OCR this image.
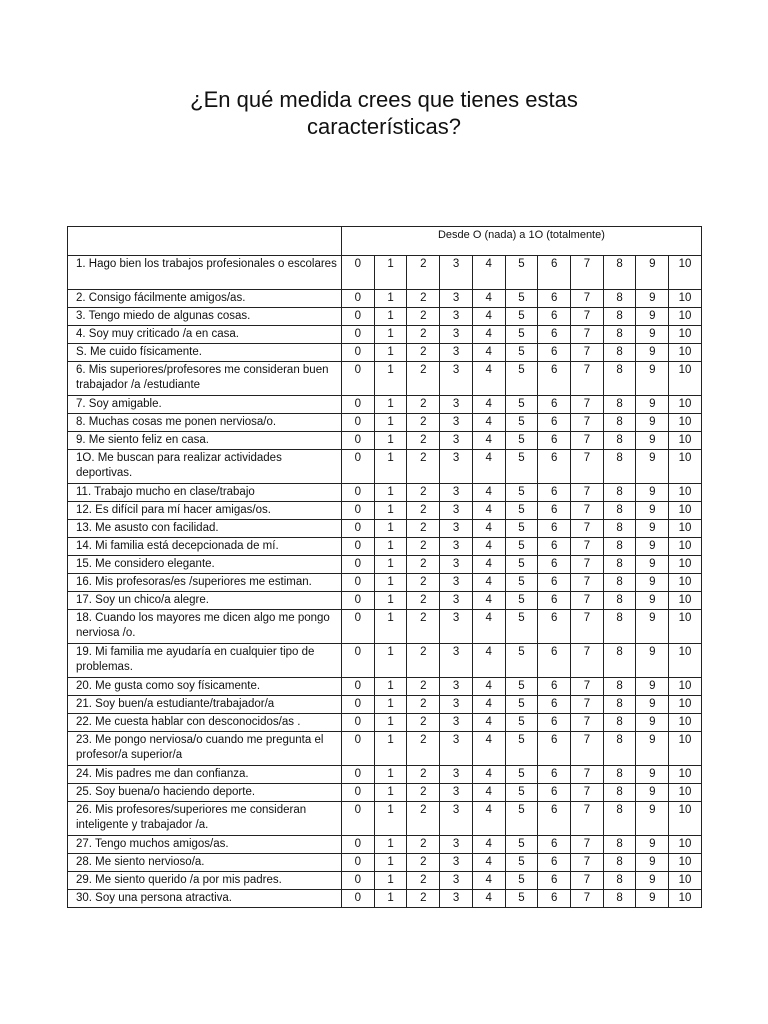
¿En qué medida crees que tienes estas
características?
	Desde O (nada) a 1O (totalmente)										
1. Hago bien los trabajos profesionales o escolares	0	1	2	3	4	5	6	7	8	9	10
2. Consigo fácilmente amigos/as.	0	1	2	3	4	5	6	7	8	9	10
3. Tengo miedo de algunas cosas.	0	1	2	3	4	5	6	7	8	9	10
4. Soy muy criticado /a en casa.	0	1	2	3	4	5	6	7	8	9	10
S. Me cuido físicamente.	0	1	2	3	4	5	6	7	8	9	10
6. Mis superiores/profesores me consideran buen trabajador /a /estudiante	0	1	2	3	4	5	6	7	8	9	10
7. Soy amigable.	0	1	2	3	4	5	6	7	8	9	10
8. Muchas cosas me ponen nerviosa/o.	0	1	2	3	4	5	6	7	8	9	10
9. Me siento feliz en casa.	0	1	2	3	4	5	6	7	8	9	10
1O. Me buscan para realizar actividades deportivas.	0	1	2	3	4	5	6	7	8	9	10
11. Trabajo mucho en clase/trabajo	0	1	2	3	4	5	6	7	8	9	10
12. Es difícil para mí hacer amigas/os.	0	1	2	3	4	5	6	7	8	9	10
13. Me asusto con facilidad.	0	1	2	3	4	5	6	7	8	9	10
14. Mi familia está decepcionada de mí.	0	1	2	3	4	5	6	7	8	9	10
15. Me considero elegante.	0	1	2	3	4	5	6	7	8	9	10
16. Mis profesoras/es /superiores me estiman.	0	1	2	3	4	5	6	7	8	9	10
17. Soy un chico/a alegre.	0	1	2	3	4	5	6	7	8	9	10
18. Cuando los mayores me dicen algo me pongo nerviosa /o.	0	1	2	3	4	5	6	7	8	9	10
19. Mi familia me ayudaría en cualquier tipo de problemas.	0	1	2	3	4	5	6	7	8	9	10
20. Me gusta como soy físicamente.	0	1	2	3	4	5	6	7	8	9	10
21. Soy buen/a estudiante/trabajador/a	0	1	2	3	4	5	6	7	8	9	10
22. Me cuesta hablar con desconocidos/as .	0	1	2	3	4	5	6	7	8	9	10
23. Me pongo nerviosa/o cuando me pregunta el profesor/a superior/a	0	1	2	3	4	5	6	7	8	9	10
24. Mis padres me dan confianza.	0	1	2	3	4	5	6	7	8	9	10
25. Soy buena/o haciendo deporte.	0	1	2	3	4	5	6	7	8	9	10
26. Mis profesores/superiores me consideran inteligente y trabajador /a.	0	1	2	3	4	5	6	7	8	9	10
27. Tengo muchos amigos/as.	0	1	2	3	4	5	6	7	8	9	10
28. Me siento nervioso/a.	0	1	2	3	4	5	6	7	8	9	10
29. Me siento querido /a por mis padres.	0	1	2	3	4	5	6	7	8	9	10
30. Soy una persona atractiva.	0	1	2	3	4	5	6	7	8	9	10
